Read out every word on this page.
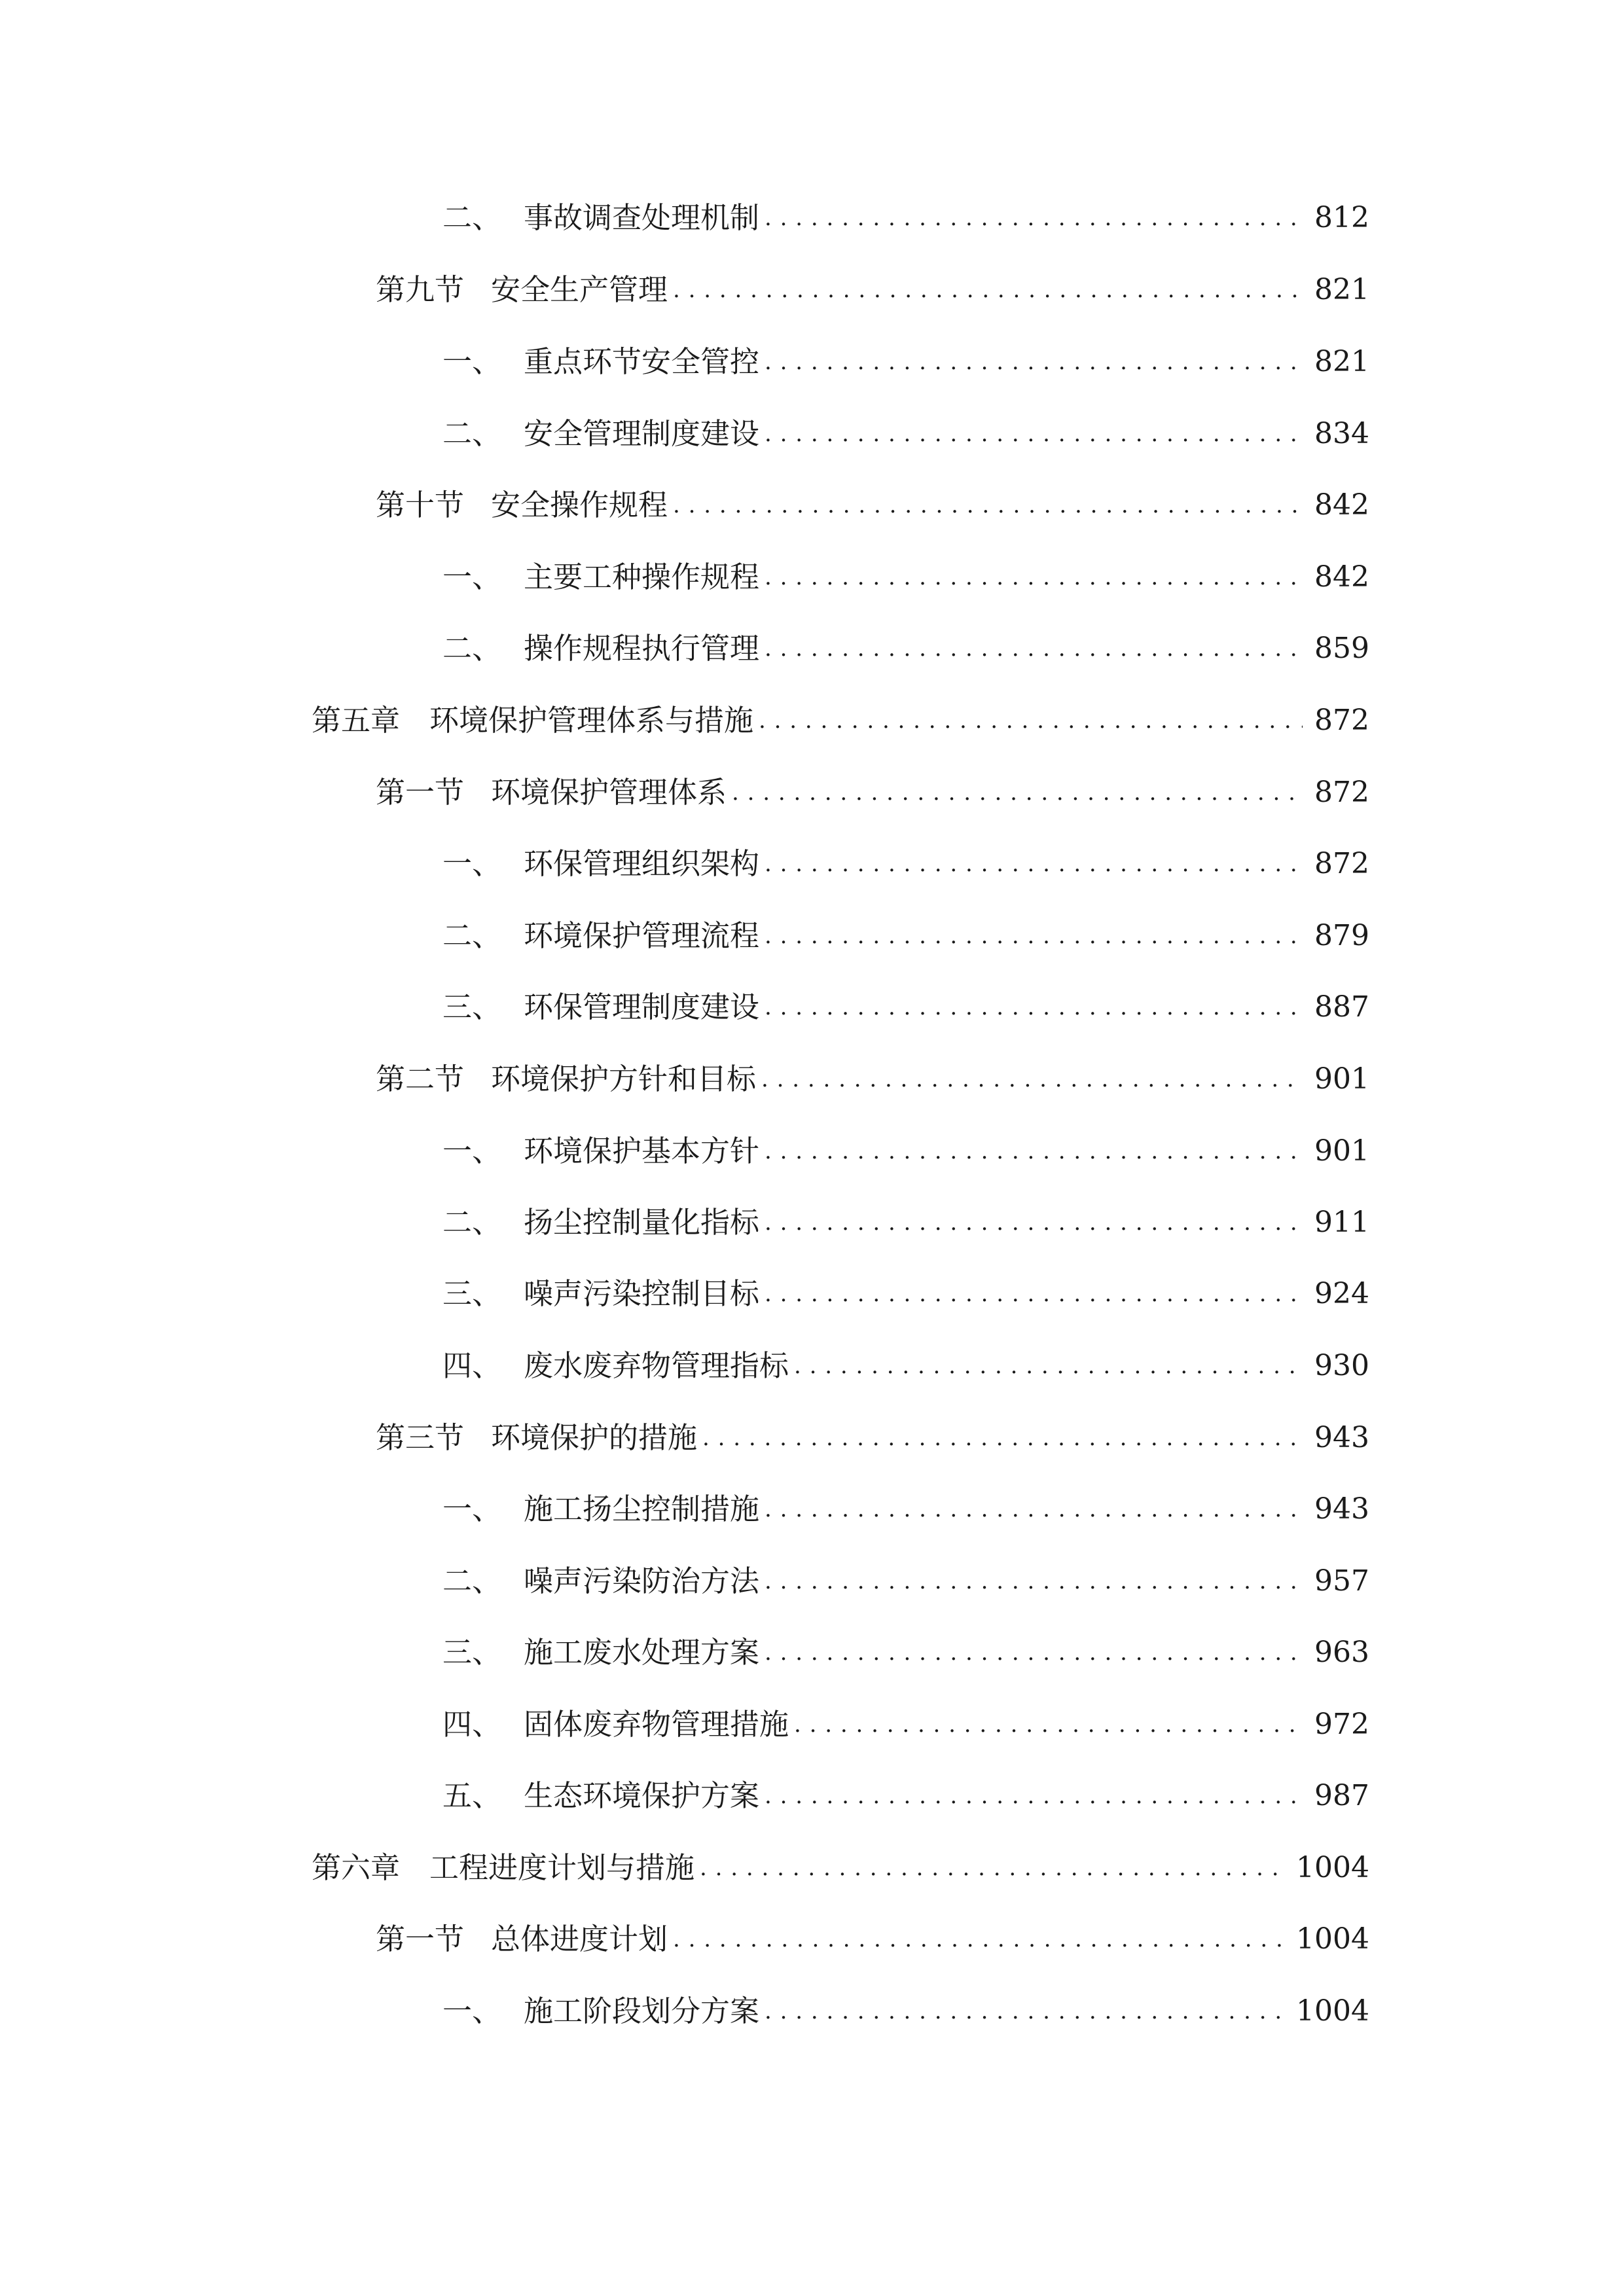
二、 事故调查处理机制 . . .	812
第九节 安全生产管理 . . .	821
一、 重点环节安全管控 . . .	821
二、 安全管理制度建设 . . .	834
第十节 安全操作规程 . . .	842
一、 主要工种操作规程 . . .	842
二、 操作规程执行管理 . . .	859
第五章 环境保护管理体系与措施 . . .	872
第一节 环境保护管理体系 . . .	872
一、 环保管理组织架构 . . .	872
二、 环境保护管理流程 . . .	879
三、 环保管理制度建设 . . .	887
第二节 环境保护方针和目标 . . .	901
一、 环境保护基本方针 . . .	901
二、 扬尘控制量化指标 . . .	911
三、 噪声污染控制目标 . . .	924
四、 废水废弃物管理指标 . . .	930
第三节 环境保护的措施 . . .	943
一、 施工扬尘控制措施 . . .	943
二、 噪声污染防治方法 . . .	957
三、 施工废水处理方案 . . .	963
四、 固体废弃物管理措施 . . .	972
五、 生态环境保护方案 . . .	987
第六章 工程进度计划与措施 . . .	1004
第一节 总体进度计划 . . .	1004
一、 施工阶段划分方案 . . .	1004
